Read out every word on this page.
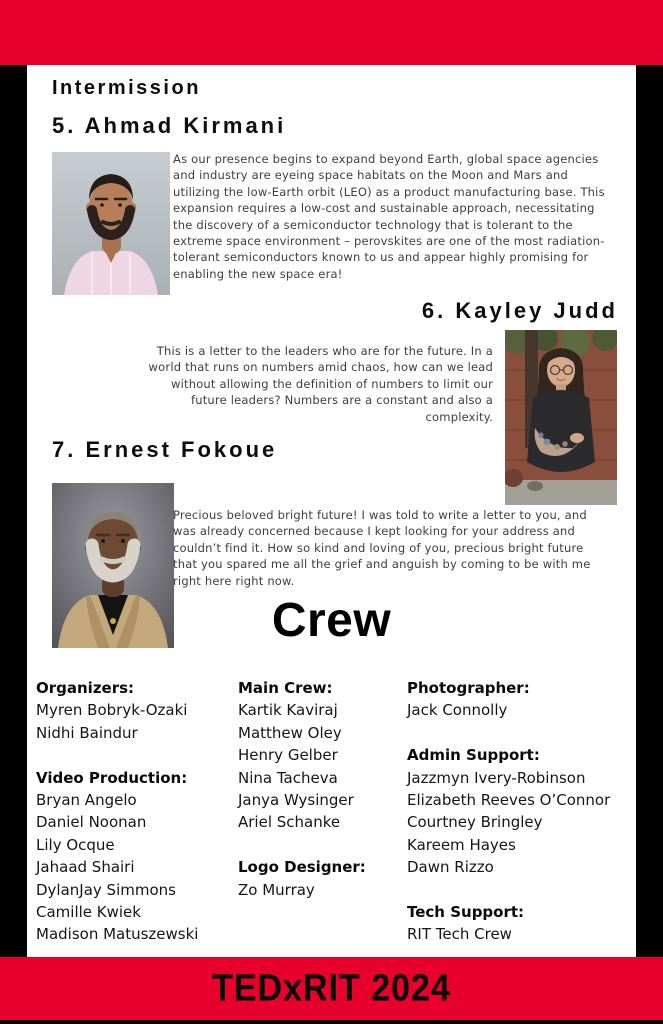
Intermission
5. Ahmad Kirmani

As our presence begins to expand beyond Earth, global space agencies and industry are eyeing space habitats on the Moon and Mars and utilizing the low-Earth orbit (LEO) as a product manufacturing base. This expansion requires a low-cost and sustainable approach, necessitating the discovery of a semiconductor technology that is tolerant to the extreme space environment – perovskites are one of the most radiation-tolerant semiconductors known to us and appear highly promising for enabling the new space era!

6. Kayley Judd

This is a letter to the leaders who are for the future. In a world that runs on numbers amid chaos, how can we lead without allowing the definition of numbers to limit our future leaders? Numbers are a constant and also a complexity.

7. Ernest Fokoue

Precious beloved bright future! I was told to write a letter to you, and was already concerned because I kept looking for your address and couldn’t find it. How so kind and loving of you, precious bright future that you spared me all the grief and anguish by coming to be with me right here right now.

Crew
Organizers:
Myren Bobryk-Ozaki
Nidhi Baindur
Video Production:
Bryan Angelo
Daniel Noonan
Lily Ocque
Jahaad Shairi
DylanJay Simmons
Camille Kwiek
Madison Matuszewski
Main Crew:
Kartik Kaviraj
Matthew Oley
Henry Gelber
Nina Tacheva
Janya Wysinger
Ariel Schanke
Logo Designer:
Zo Murray
Photographer:
Jack Connolly
Admin Support:
Jazzmyn Ivery-Robinson
Elizabeth Reeves O’Connor
Courtney Bringley
Kareem Hayes
Dawn Rizzo
Tech Support:
RIT Tech Crew

TEDxRIT 2024
